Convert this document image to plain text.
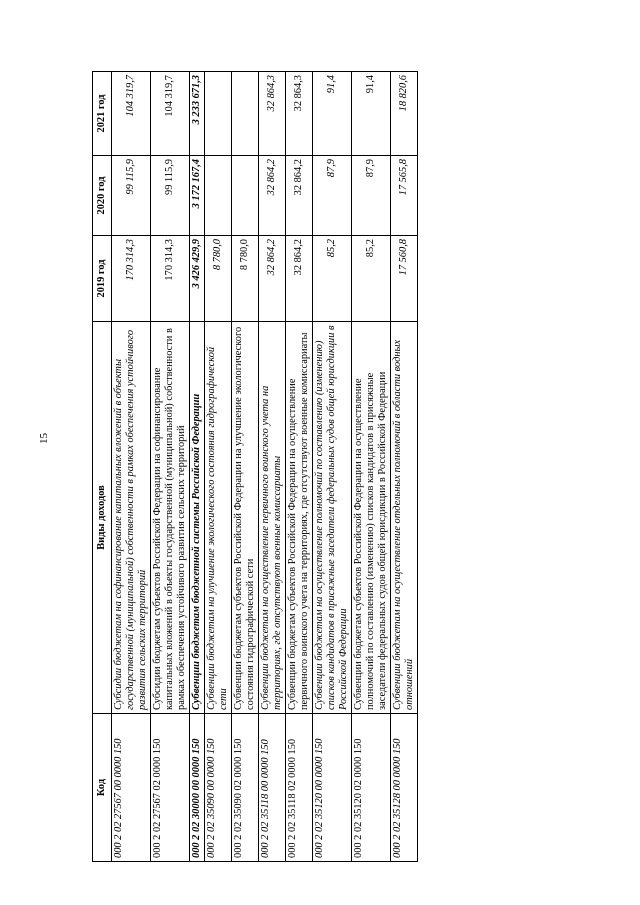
15
Код	Виды доходов	2019 год	2020 год	2021 год
000 2 02 27567 00 0000 150	Субсидии бюджетам на софинансирование капитальных вложений в объекты государственной (муниципальной) собственности в рамках обеспечения устойчивого развития сельских территорий	170 314,3	99 115,9	104 319,7
000 2 02 27567 02 0000 150	Субсидии бюджетам субъектов Российской Федерации на софинансирование капитальных вложений в объекты государственной (муниципальной) собственности в рамках обеспечения устойчивого развития сельских территорий	170 314,3	99 115,9	104 319,7
000 2 02 30000 00 0000 150	Субвенции бюджетам бюджетной системы Российской Федерации	3 426 429,9	3 172 167,4	3 233 671,3
000 2 02 35090 00 0000 150	Субвенции бюджетам на улучшение экологического состояния гидрографической сети	8 780,0		
000 2 02 35090 02 0000 150	Субвенции бюджетам субъектов Российской Федерации на улучшение экологического состояния гидрографической сети	8 780,0		
000 2 02 35118 00 0000 150	Субвенции бюджетам на осуществление первичного воинского учета на территориях, где отсутствуют военные комиссариаты	32 864,2	32 864,2	32 864,3
000 2 02 35118 02 0000 150	Субвенции бюджетам субъектов Российской Федерации на осуществление первичного воинского учета на территориях, где отсутствуют военные комиссариаты	32 864,2	32 864,2	32 864,3
000 2 02 35120 00 0000 150	Субвенции бюджетам на осуществление полномочий по составлению (изменению) списков кандидатов в присяжные заседатели федеральных судов общей юрисдикции в Российской Федерации	85,2	87,9	91,4
000 2 02 35120 02 0000 150	Субвенции бюджетам субъектов Российской Федерации на осуществление полномочий по составлению (изменению) списков кандидатов в присяжные заседатели федеральных судов общей юрисдикции в Российской Федерации	85,2	87,9	91,4
000 2 02 35128 00 0000 150	Субвенции бюджетам на осуществление отдельных полномочий в области водных отношений	17 560,8	17 565,8	18 820,6
